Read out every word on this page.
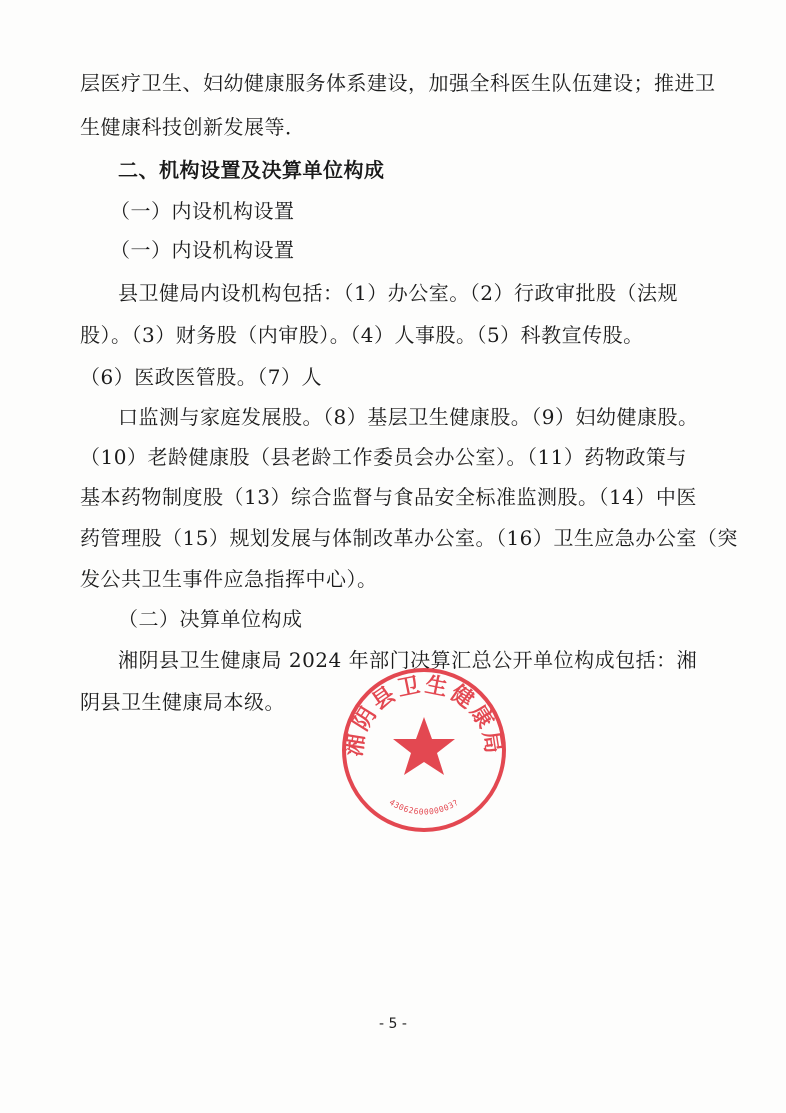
层医疗卫生、妇幼健康服务体系建设，加强全科医生队伍建设；推进卫
生健康科技创新发展等．
二、机构设置及决算单位构成
（一）内设机构设置
（一）内设机构设置
县卫健局内设机构包括：（1）办公室。（2）行政审批股（法规
股）。（3）财务股（内审股）。（4）人事股。（5）科教宣传股。
（6）医政医管股。（7）人
口监测与家庭发展股。（8）基层卫生健康股。（9）妇幼健康股。
（10）老龄健康股（县老龄工作委员会办公室）。（11）药物政策与
基本药物制度股（13）综合监督与食品安全标准监测股。（14）中医
药管理股（15）规划发展与体制改革办公室。（16）卫生应急办公室（突
发公共卫生事件应急指挥中心）。
（二）决算单位构成
湘阴县卫生健康局 2024 年部门决算汇总公开单位构成包括：湘
阴县卫生健康局本级。
湘阴县卫生健康局
4306260000003?
- 5 -
